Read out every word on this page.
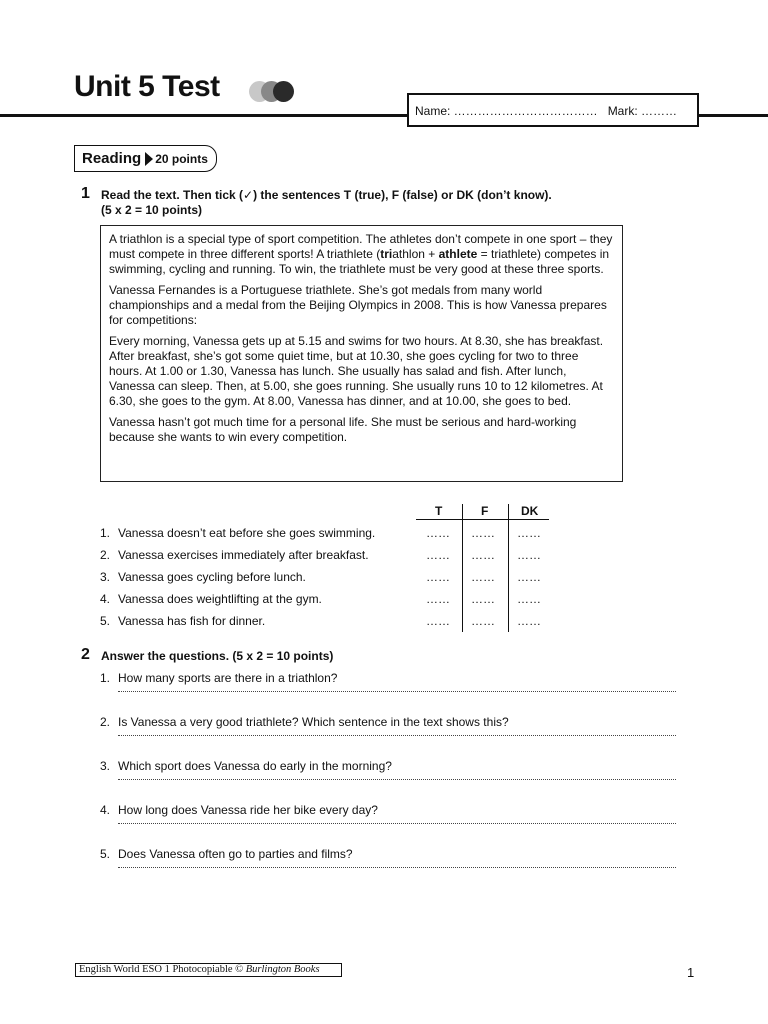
Unit 5 Test
Name: ……………………………… Mark: ………
Reading 20 points
1 Read the text. Then tick (✓) the sentences T (true), F (false) or DK (don’t know).
(5 x 2 = 10 points)

A triathlon is a special type of sport competition. The athletes don’t compete in one sport – they must compete in three different sports! A triathlete (triathlon + athlete = triathlete) competes in swimming, cycling and running. To win, the triathlete must be very good at these three sports.

Vanessa Fernandes is a Portuguese triathlete. She’s got medals from many world championships and a medal from the Beijing Olympics in 2008. This is how Vanessa prepares for competitions:

Every morning, Vanessa gets up at 5.15 and swims for two hours. At 8.30, she has breakfast. After breakfast, she’s got some quiet time, but at 10.30, she goes cycling for two to three hours. At 1.00 or 1.30, Vanessa has lunch. She usually has salad and fish. After lunch, Vanessa can sleep. Then, at 5.00, she goes running. She usually runs 10 to 12 kilometres. At 6.30, she goes to the gym. At 8.00, Vanessa has dinner, and at 10.00, she goes to bed.

Vanessa hasn’t got much time for a personal life. She must be serious and hard-working because she wants to win every competition.

T	F	DK
1. Vanessa doesn’t eat before she goes swimming.	…… …… ……
2. Vanessa exercises immediately after breakfast.	…… …… ……
3. Vanessa goes cycling before lunch.	…… …… ……
4. Vanessa does weightlifting at the gym.	…… …… ……
5. Vanessa has fish for dinner.	…… …… ……
2 Answer the questions. (5 x 2 = 10 points)
1. How many sports are there in a triathlon?
2. Is Vanessa a very good triathlete? Which sentence in the text shows this?
3. Which sport does Vanessa do early in the morning?
4. How long does Vanessa ride her bike every day?
5. Does Vanessa often go to parties and films?
English World ESO 1 Photocopiable © Burlington Books	1
